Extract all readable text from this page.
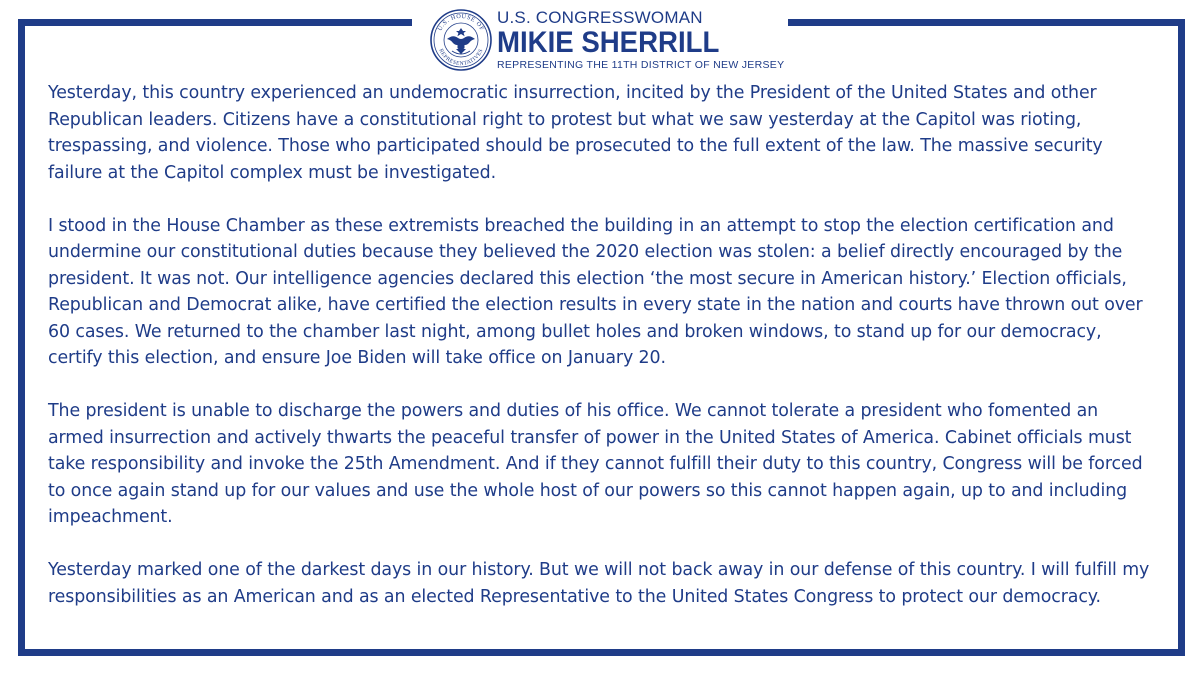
U.S. HOUSE OF
REPRESENTATIVES
U.S. CONGRESSWOMAN
MIKIE SHERRILL
REPRESENTING THE 11TH DISTRICT OF NEW JERSEY

Yesterday, this country experienced an undemocratic insurrection, incited by the President of the United States and other Republican leaders. Citizens have a constitutional right to protest but what we saw yesterday at the Capitol was rioting, trespassing, and violence. Those who participated should be prosecuted to the full extent of the law. The massive security failure at the Capitol complex must be investigated.

I stood in the House Chamber as these extremists breached the building in an attempt to stop the election certification and undermine our constitutional duties because they believed the 2020 election was stolen: a belief directly encouraged by the president. It was not. Our intelligence agencies declared this election ‘the most secure in American history.’ Election officials, Republican and Democrat alike, have certified the election results in every state in the nation and courts have thrown out over 60 cases. We returned to the chamber last night, among bullet holes and broken windows, to stand up for our democracy, certify this election, and ensure Joe Biden will take office on January 20.

The president is unable to discharge the powers and duties of his office. We cannot tolerate a president who fomented an armed insurrection and actively thwarts the peaceful transfer of power in the United States of America. Cabinet officials must take responsibility and invoke the 25th Amendment. And if they cannot fulfill their duty to this country, Congress will be forced to once again stand up for our values and use the whole host of our powers so this cannot happen again, up to and including impeachment.

Yesterday marked one of the darkest days in our history. But we will not back away in our defense of this country. I will fulfill my responsibilities as an American and as an elected Representative to the United States Congress to protect our democracy.
